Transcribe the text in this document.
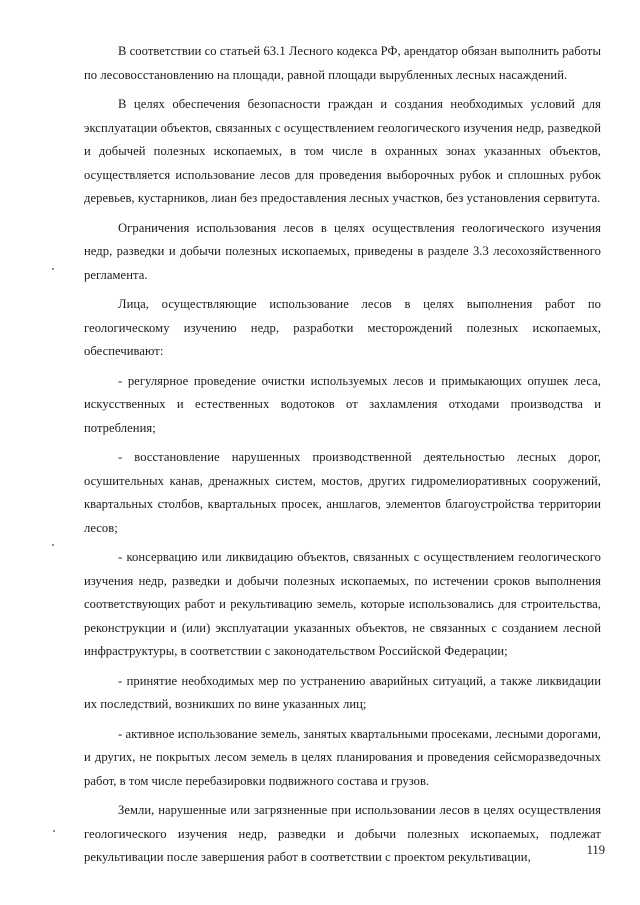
В соответствии со статьей 63.1 Лесного кодекса РФ, арендатор обязан выполнить работы по лесовосстановлению на площади, равной площади вырубленных лесных насаждений.

В целях обеспечения безопасности граждан и создания необходимых условий для эксплуатации объектов, связанных с осуществлением геологического изучения недр, разведкой и добычей полезных ископаемых, в том числе в охранных зонах указанных объектов, осуществляется использование лесов для проведения выборочных рубок и сплошных рубок деревьев, кустарников, лиан без предоставления лесных участков, без установления сервитута.

Ограничения использования лесов в целях осуществления геологического изучения недр, разведки и добычи полезных ископаемых, приведены в разделе 3.3 лесохозяйственного регламента.

Лица, осуществляющие использование лесов в целях выполнения работ по геологическому изучению недр, разработки месторождений полезных ископаемых, обеспечивают:

- регулярное проведение очистки используемых лесов и примыкающих опушек леса, искусственных и естественных водотоков от захламления отходами производства и потребления;

- восстановление нарушенных производственной деятельностью лесных дорог, осушительных канав, дренажных систем, мостов, других гидромелиоративных сооружений, квартальных столбов, квартальных просек, аншлагов, элементов благоустройства территории лесов;

- консервацию или ликвидацию объектов, связанных с осуществлением геологического изучения недр, разведки и добычи полезных ископаемых, по истечении сроков выполнения соответствующих работ и рекультивацию земель, которые использовались для строительства, реконструкции и (или) эксплуатации указанных объектов, не связанных с созданием лесной инфраструктуры, в соответствии с законодательством Российской Федерации;

- принятие необходимых мер по устранению аварийных ситуаций, а также ликвидации их последствий, возникших по вине указанных лиц;

- активное использование земель, занятых квартальными просеками, лесными дорогами, и других, не покрытых лесом земель в целях планирования и проведения сейсморазведочных работ, в том числе перебазировки подвижного состава и грузов.

Земли, нарушенные или загрязненные при использовании лесов в целях осуществления геологического изучения недр, разведки и добычи полезных ископаемых, подлежат рекультивации после завершения работ в соответствии с проектом рекультивации,	119
